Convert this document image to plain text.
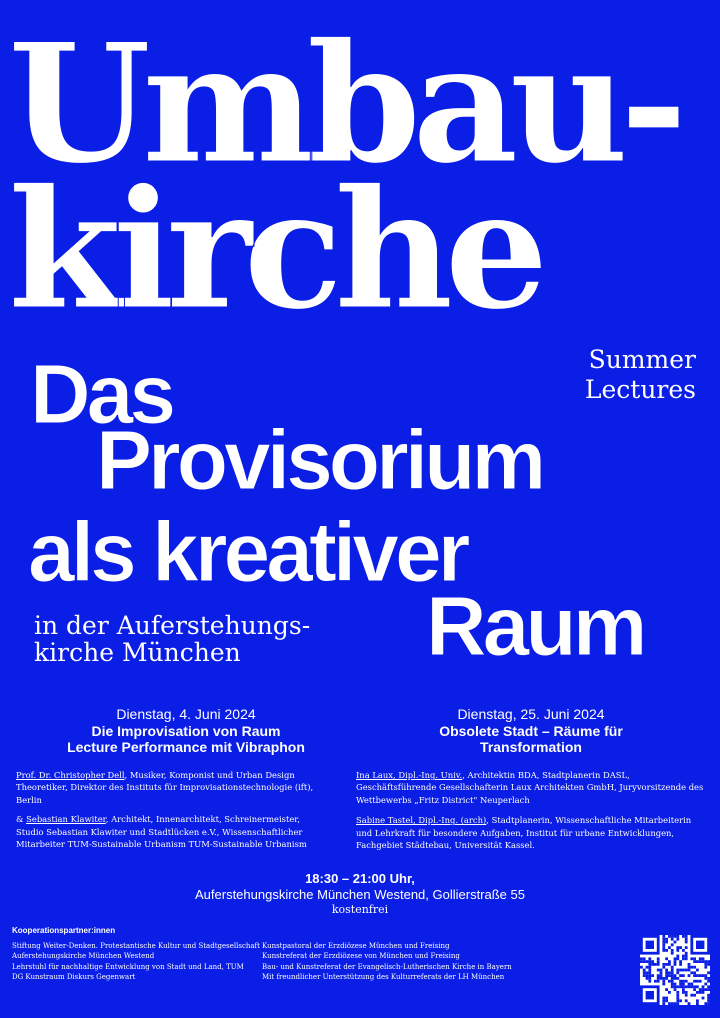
Umbau-
kirche
Summer
Lectures
Das
Provisorium
als kreativer
Raum
in der Auferstehungs-
kirche München
Dienstag, 4. Juni 2024
Die Improvisation von Raum
Lecture Performance mit Vibraphon
Prof. Dr. Christopher Dell, Musiker, Komponist und Urban Design Theoretiker, Direktor des Instituts für Improvisationstechnologie (ift), Berlin
& Sebastian Klawiter, Architekt, Innenarchitekt, Schreinermeister, Studio Sebastian Klawiter und Stadtlücken e.V., Wissenschaftlicher Mitarbeiter TUM-Sustainable Urbanism TUM-Sustainable Urbanism
Dienstag, 25. Juni 2024
Obsolete Stadt – Räume für
Transformation
Ina Laux, Dipl.-Ing. Univ., Architektin BDA, Stadtplanerin DASL, Geschäftsführende Gesellschafterin Laux Architekten GmbH, Juryvorsitzende des Wettbewerbs „Fritz District" Neuperlach
Sabine Tastel, Dipl.-Ing. (arch), Stadtplanerin, Wissenschaftliche Mitarbeiterin und Lehrkraft für besondere Aufgaben, Institut für urbane Entwicklungen, Fachgebiet Städtebau, Universität Kassel.
18:30 – 21:00 Uhr,
Auferstehungskirche München Westend, Gollierstraße 55
kostenfrei
Kooperationspartner:innen
Stiftung Weiter-Denken. Protestantische Kultur und Stadtgesellschaft
Auferstehungskirche München Westend
Lehrstuhl für nachhaltige Entwicklung von Stadt und Land, TUM
DG Kunstraum Diskurs Gegenwart
Kunstpastoral der Erzdiözese München und Freising
Kunstreferat der Erzdiözese von München und Freising
Bau- und Kunstreferat der Evangelisch-Lutherischen Kirche in Bayern
Mit freundlicher Unterstützung des Kulturreferats der LH München
